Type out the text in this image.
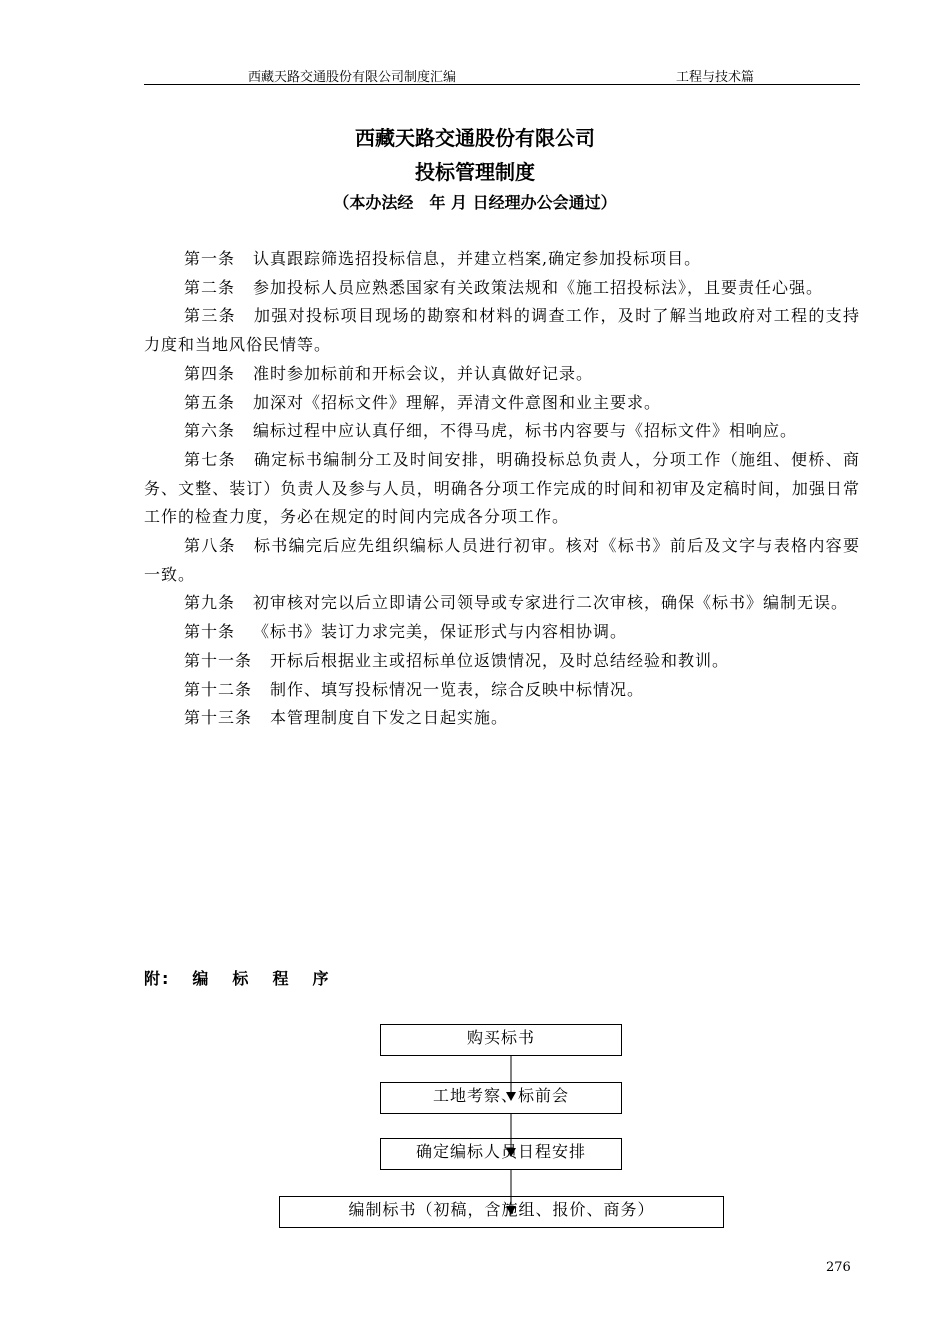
西藏天路交通股份有限公司制度汇编	工程与技术篇
西藏天路交通股份有限公司
投标管理制度
（本办法经　年 月 日经理办公会通过）

第一条 认真跟踪筛选招投标信息，并建立档案,确定参加投标项目。

第二条 参加投标人员应熟悉国家有关政策法规和《施工招投标法》，且要责任心强。

第三条 加强对投标项目现场的勘察和材料的调查工作，及时了解当地政府对工程的支持力度和当地风俗民情等。

第四条 准时参加标前和开标会议，并认真做好记录。

第五条 加深对《招标文件》理解，弄清文件意图和业主要求。

第六条 编标过程中应认真仔细，不得马虎，标书内容要与《招标文件》相响应。

第七条 确定标书编制分工及时间安排，明确投标总负责人，分项工作（施组、便桥、商务、文整、装订）负责人及参与人员，明确各分项工作完成的时间和初审及定稿时间，加强日常工作的检查力度，务必在规定的时间内完成各分项工作。

第八条 标书编完后应先组织编标人员进行初审。核对《标书》前后及文字与表格内容要一致。

第九条 初审核对完以后立即请公司领导或专家进行二次审核，确保《标书》编制无误。

第十条 《标书》装订力求完美，保证形式与内容相协调。

第十一条 开标后根据业主或招标单位返馈情况，及时总结经验和教训。

第十二条 制作、填写投标情况一览表，综合反映中标情况。

第十三条 本管理制度自下发之日起实施。

附: 编 标 程 序
购买标书
工地考察、标前会
确定编标人员日程安排
编制标书（初稿，含施组、报价、商务）
276
